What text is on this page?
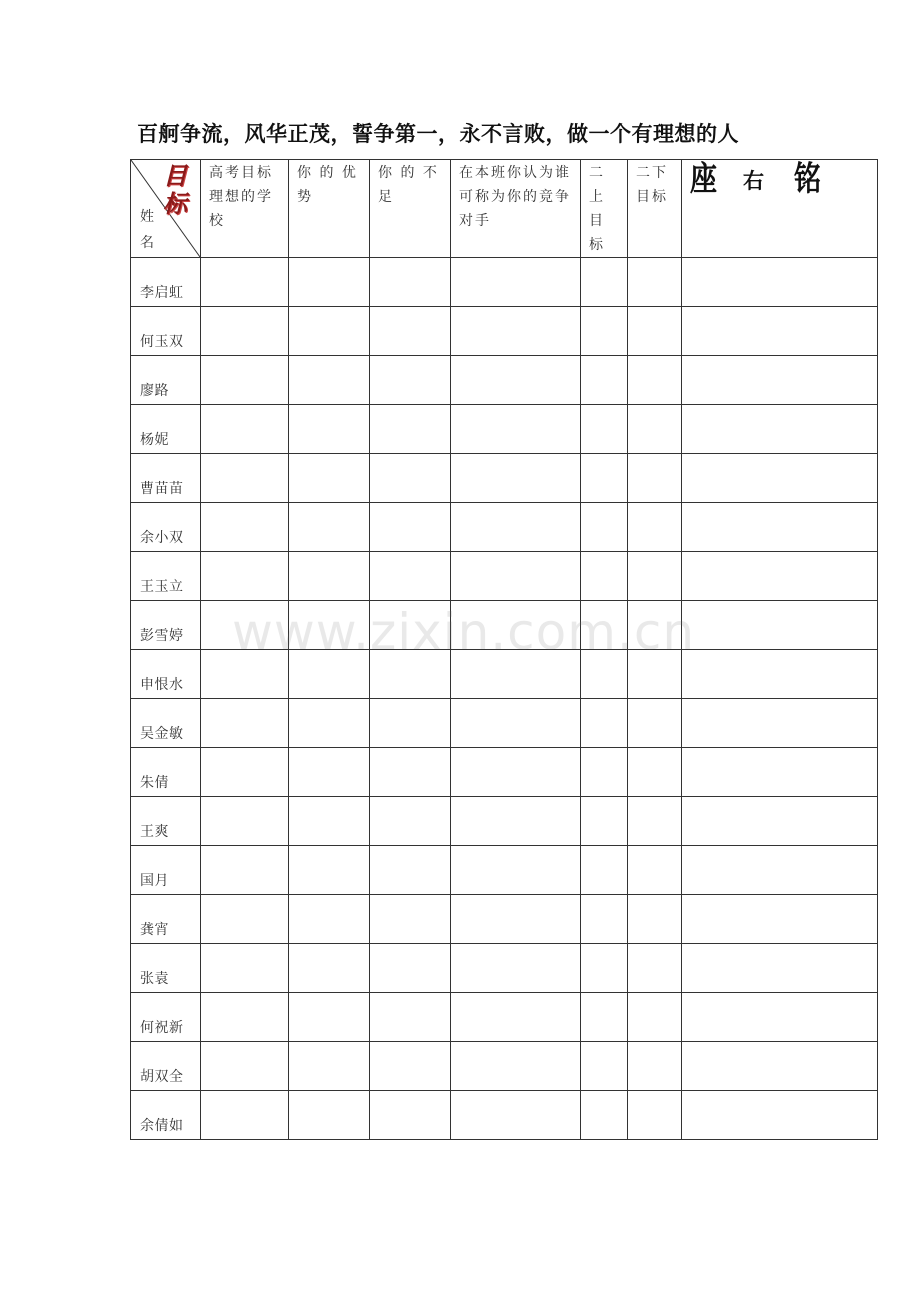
百舸争流，风华正茂，誓争第一，永不言败，做一个有理想的人
目标
姓名	高考目标理想的学校	你 的 优 势	你 的 不 足	在本班你认为谁可称为你的竞争对手	二上目标	二下目标	座 右 铭

李启虹							
何玉双							
廖路							
杨妮							
曹苗苗							
余小双							
王玉立							
彭雪婷							
申恨水							
吴金敏							
朱倩							
王爽							
国月							
龚宵							
张袁							
何祝新							
胡双全							
余倩如							
www.zixin.com.cn
